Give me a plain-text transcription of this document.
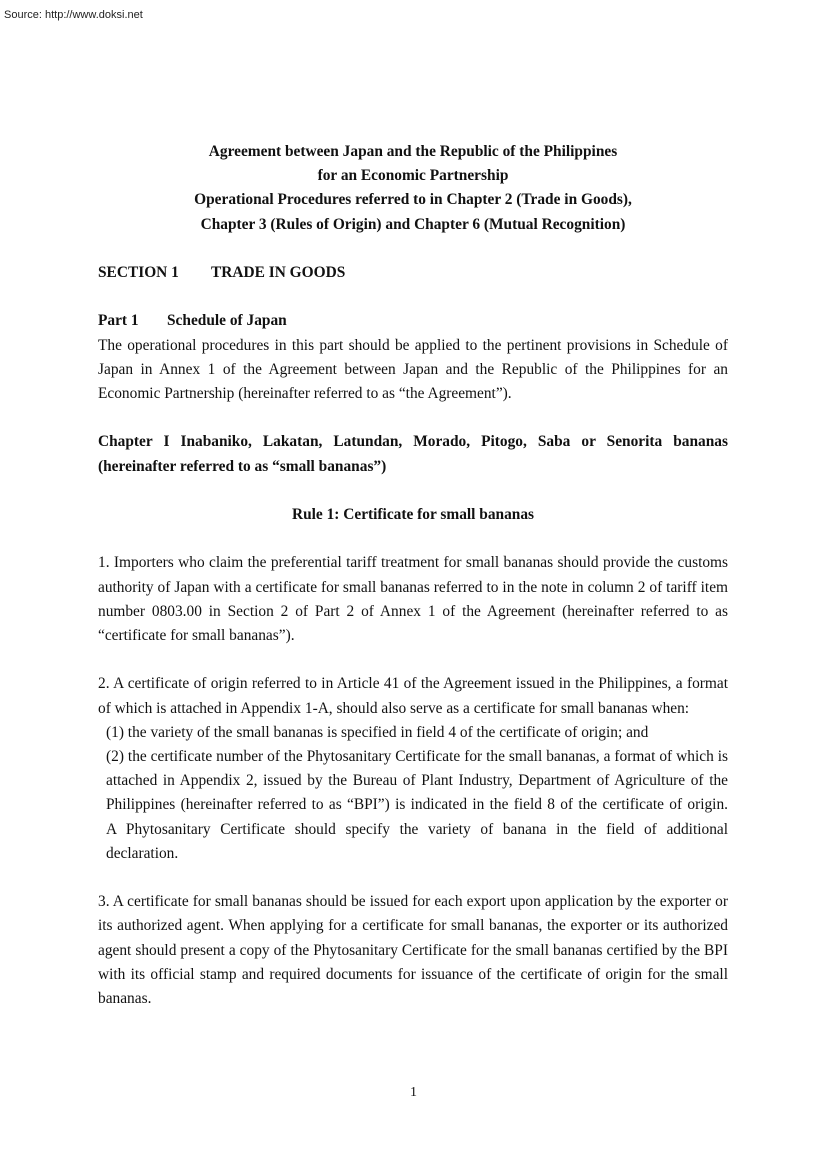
Source: http://www.doksi.net
Agreement between Japan and the Republic of the Philippines
for an Economic Partnership
Operational Procedures referred to in Chapter 2 (Trade in Goods),
Chapter 3 (Rules of Origin) and Chapter 6 (Mutual Recognition)
SECTION 1 TRADE IN GOODS
Part 1 Schedule of Japan

The operational procedures in this part should be applied to the pertinent provisions in Schedule of Japan in Annex 1 of the Agreement between Japan and the Republic of the Philippines for an Economic Partnership (hereinafter referred to as “the Agreement”).

Chapter I Inabaniko, Lakatan, Latundan, Morado, Pitogo, Saba or Senorita bananas (hereinafter referred to as “small bananas”)
Rule 1: Certificate for small bananas

1. Importers who claim the preferential tariff treatment for small bananas should provide the customs authority of Japan with a certificate for small bananas referred to in the note in column 2 of tariff item number 0803.00 in Section 2 of Part 2 of Annex 1 of the Agreement (hereinafter referred to as “certificate for small bananas”).

2. A certificate of origin referred to in Article 41 of the Agreement issued in the Philippines, a format of which is attached in Appendix 1-A, should also serve as a certificate for small bananas when:

(1) the variety of the small bananas is specified in field 4 of the certificate of origin; and

(2) the certificate number of the Phytosanitary Certificate for the small bananas, a format of which is attached in Appendix 2, issued by the Bureau of Plant Industry, Department of Agriculture of the Philippines (hereinafter referred to as “BPI”) is indicated in the field 8 of the certificate of origin.    A Phytosanitary Certificate should specify the variety of banana in the field of additional declaration.

3. A certificate for small bananas should be issued for each export upon application by the exporter or its authorized agent. When applying for a certificate for small bananas, the exporter or its authorized agent should present a copy of the Phytosanitary Certificate for the small bananas certified by the BPI with its official stamp and required documents for issuance of the certificate of origin for the small bananas.

1
